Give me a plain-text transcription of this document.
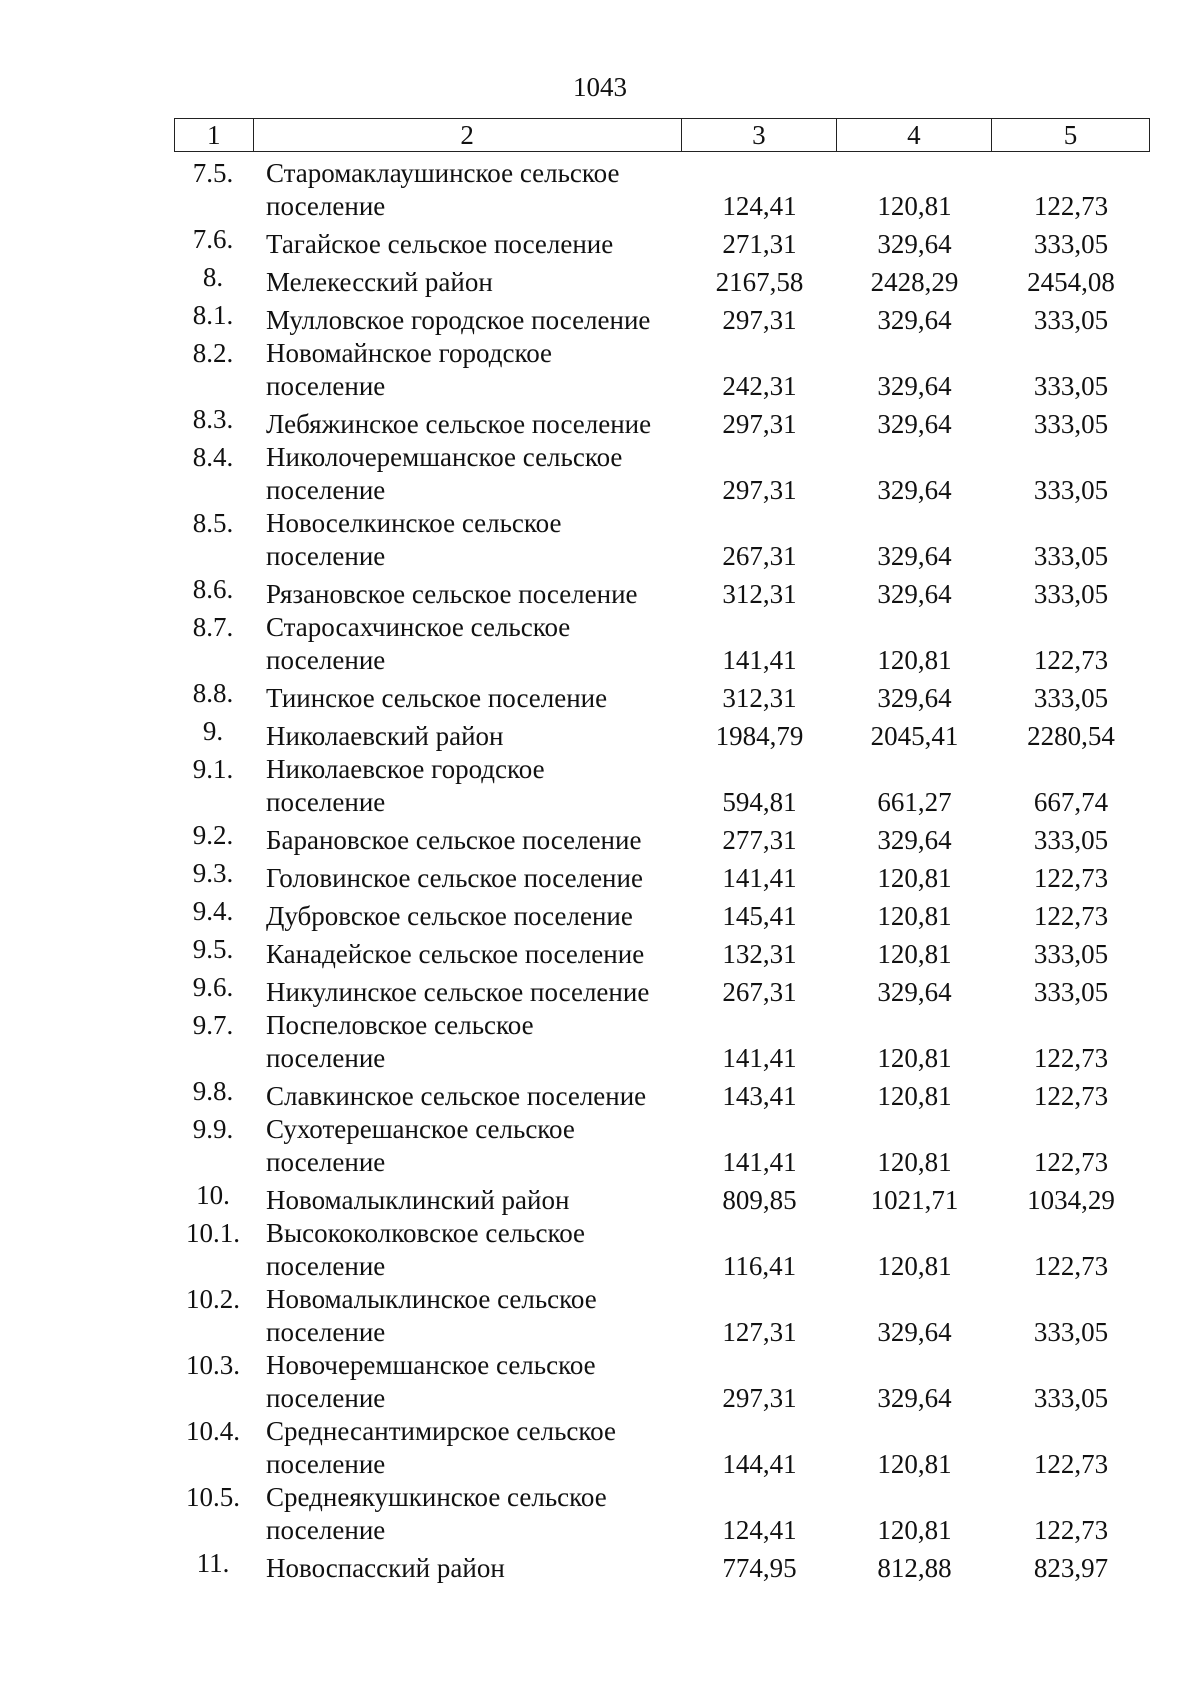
1043
1	2	3	4	5
7.5.	Старомаклаушинское сельское
поселение	124,41	120,81	122,73
7.6.	Тагайское сельское поселение	271,31	329,64	333,05
8.	Мелекесский район	2167,58	2428,29	2454,08
8.1.	Мулловское городское поселение	297,31	329,64	333,05
8.2.	Новомайнское городское
поселение	242,31	329,64	333,05
8.3.	Лебяжинское сельское поселение	297,31	329,64	333,05
8.4.	Николочеремшанское сельское
поселение	297,31	329,64	333,05
8.5.	Новоселкинское сельское
поселение	267,31	329,64	333,05
8.6.	Рязановское сельское поселение	312,31	329,64	333,05
8.7.	Старосахчинское сельское
поселение	141,41	120,81	122,73
8.8.	Тиинское сельское поселение	312,31	329,64	333,05
9.	Николаевский район	1984,79	2045,41	2280,54
9.1.	Николаевское городское
поселение	594,81	661,27	667,74
9.2.	Барановское сельское поселение	277,31	329,64	333,05
9.3.	Головинское сельское поселение	141,41	120,81	122,73
9.4.	Дубровское сельское поселение	145,41	120,81	122,73
9.5.	Канадейское сельское поселение	132,31	120,81	333,05
9.6.	Никулинское сельское поселение	267,31	329,64	333,05
9.7.	Поспеловское сельское
поселение	141,41	120,81	122,73
9.8.	Славкинское сельское поселение	143,41	120,81	122,73
9.9.	Сухотерешанское сельское
поселение	141,41	120,81	122,73
10.	Новомалыклинский район	809,85	1021,71	1034,29
10.1. Высококолковское сельское
поселение	116,41	120,81	122,73
10.2. Новомалыклинское сельское
поселение	127,31	329,64	333,05
10.3. Новочеремшанское сельское
поселение	297,31	329,64	333,05
10.4. Среднесантимирское сельское
поселение	144,41	120,81	122,73
10.5. Среднеякушкинское сельское
поселение	124,41	120,81	122,73
11.	Новоспасский район	774,95	812,88	823,97
